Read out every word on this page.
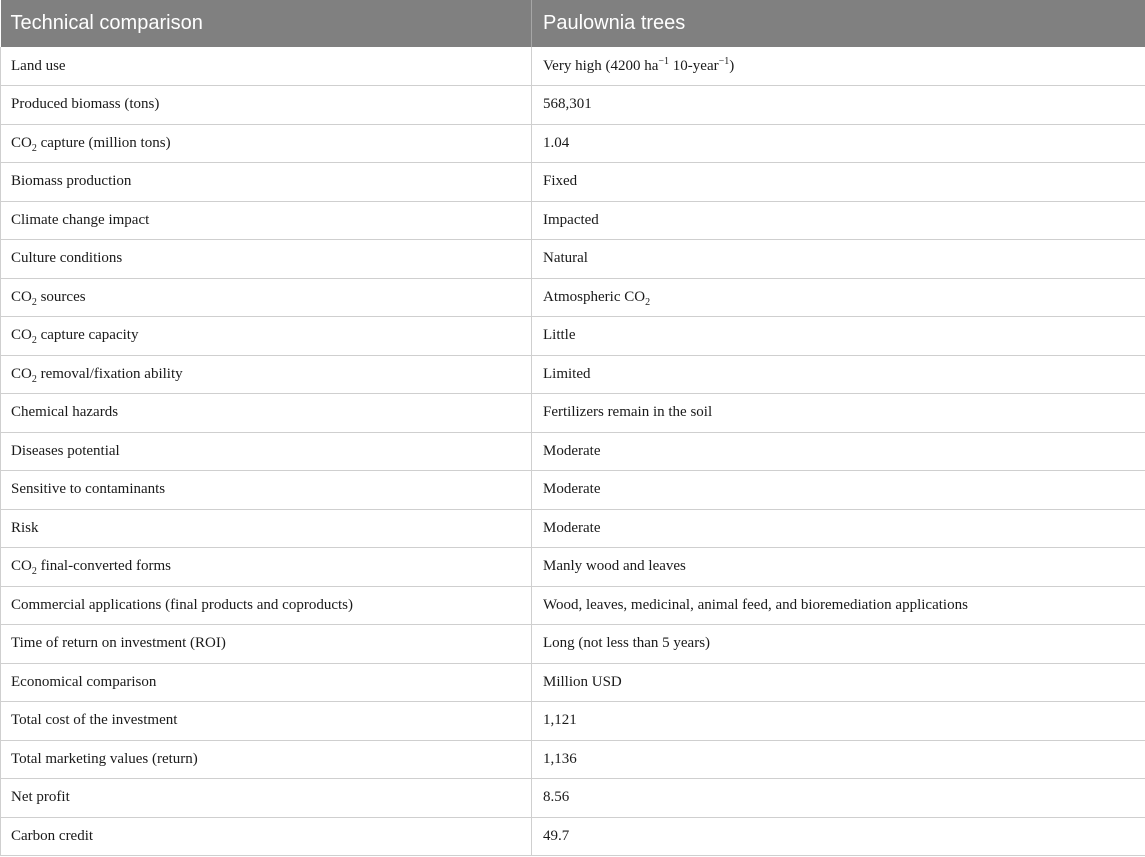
Technical comparison	Paulownia trees
Land use	Very high (4200 $ha^{-1}$ 10-year$^{-1}$)
Produced biomass (tons)	568,301
$CO_2$ capture (million tons)	1.04
Biomass production	Fixed
Climate change impact	Impacted
Culture conditions	Natural
$CO_2$ sources	Atmospheric $CO_2$
$CO_2$ capture capacity	Little
$CO_2$ removal/fixation ability	Limited
Chemical hazards	Fertilizers remain in the soil
Diseases potential	Moderate
Sensitive to contaminants	Moderate
Risk	Moderate
$CO_2$ final-converted forms	Manly wood and leaves
Commercial applications (final products and coproducts)	Wood, leaves, medicinal, animal feed, and bioremediation applications
Time of return on investment (ROI)	Long (not less than 5 years)
Economical comparison	Million USD
Total cost of the investment	1,121
Total marketing values (return)	1,136
Net profit	8.56
Carbon credit	49.7
